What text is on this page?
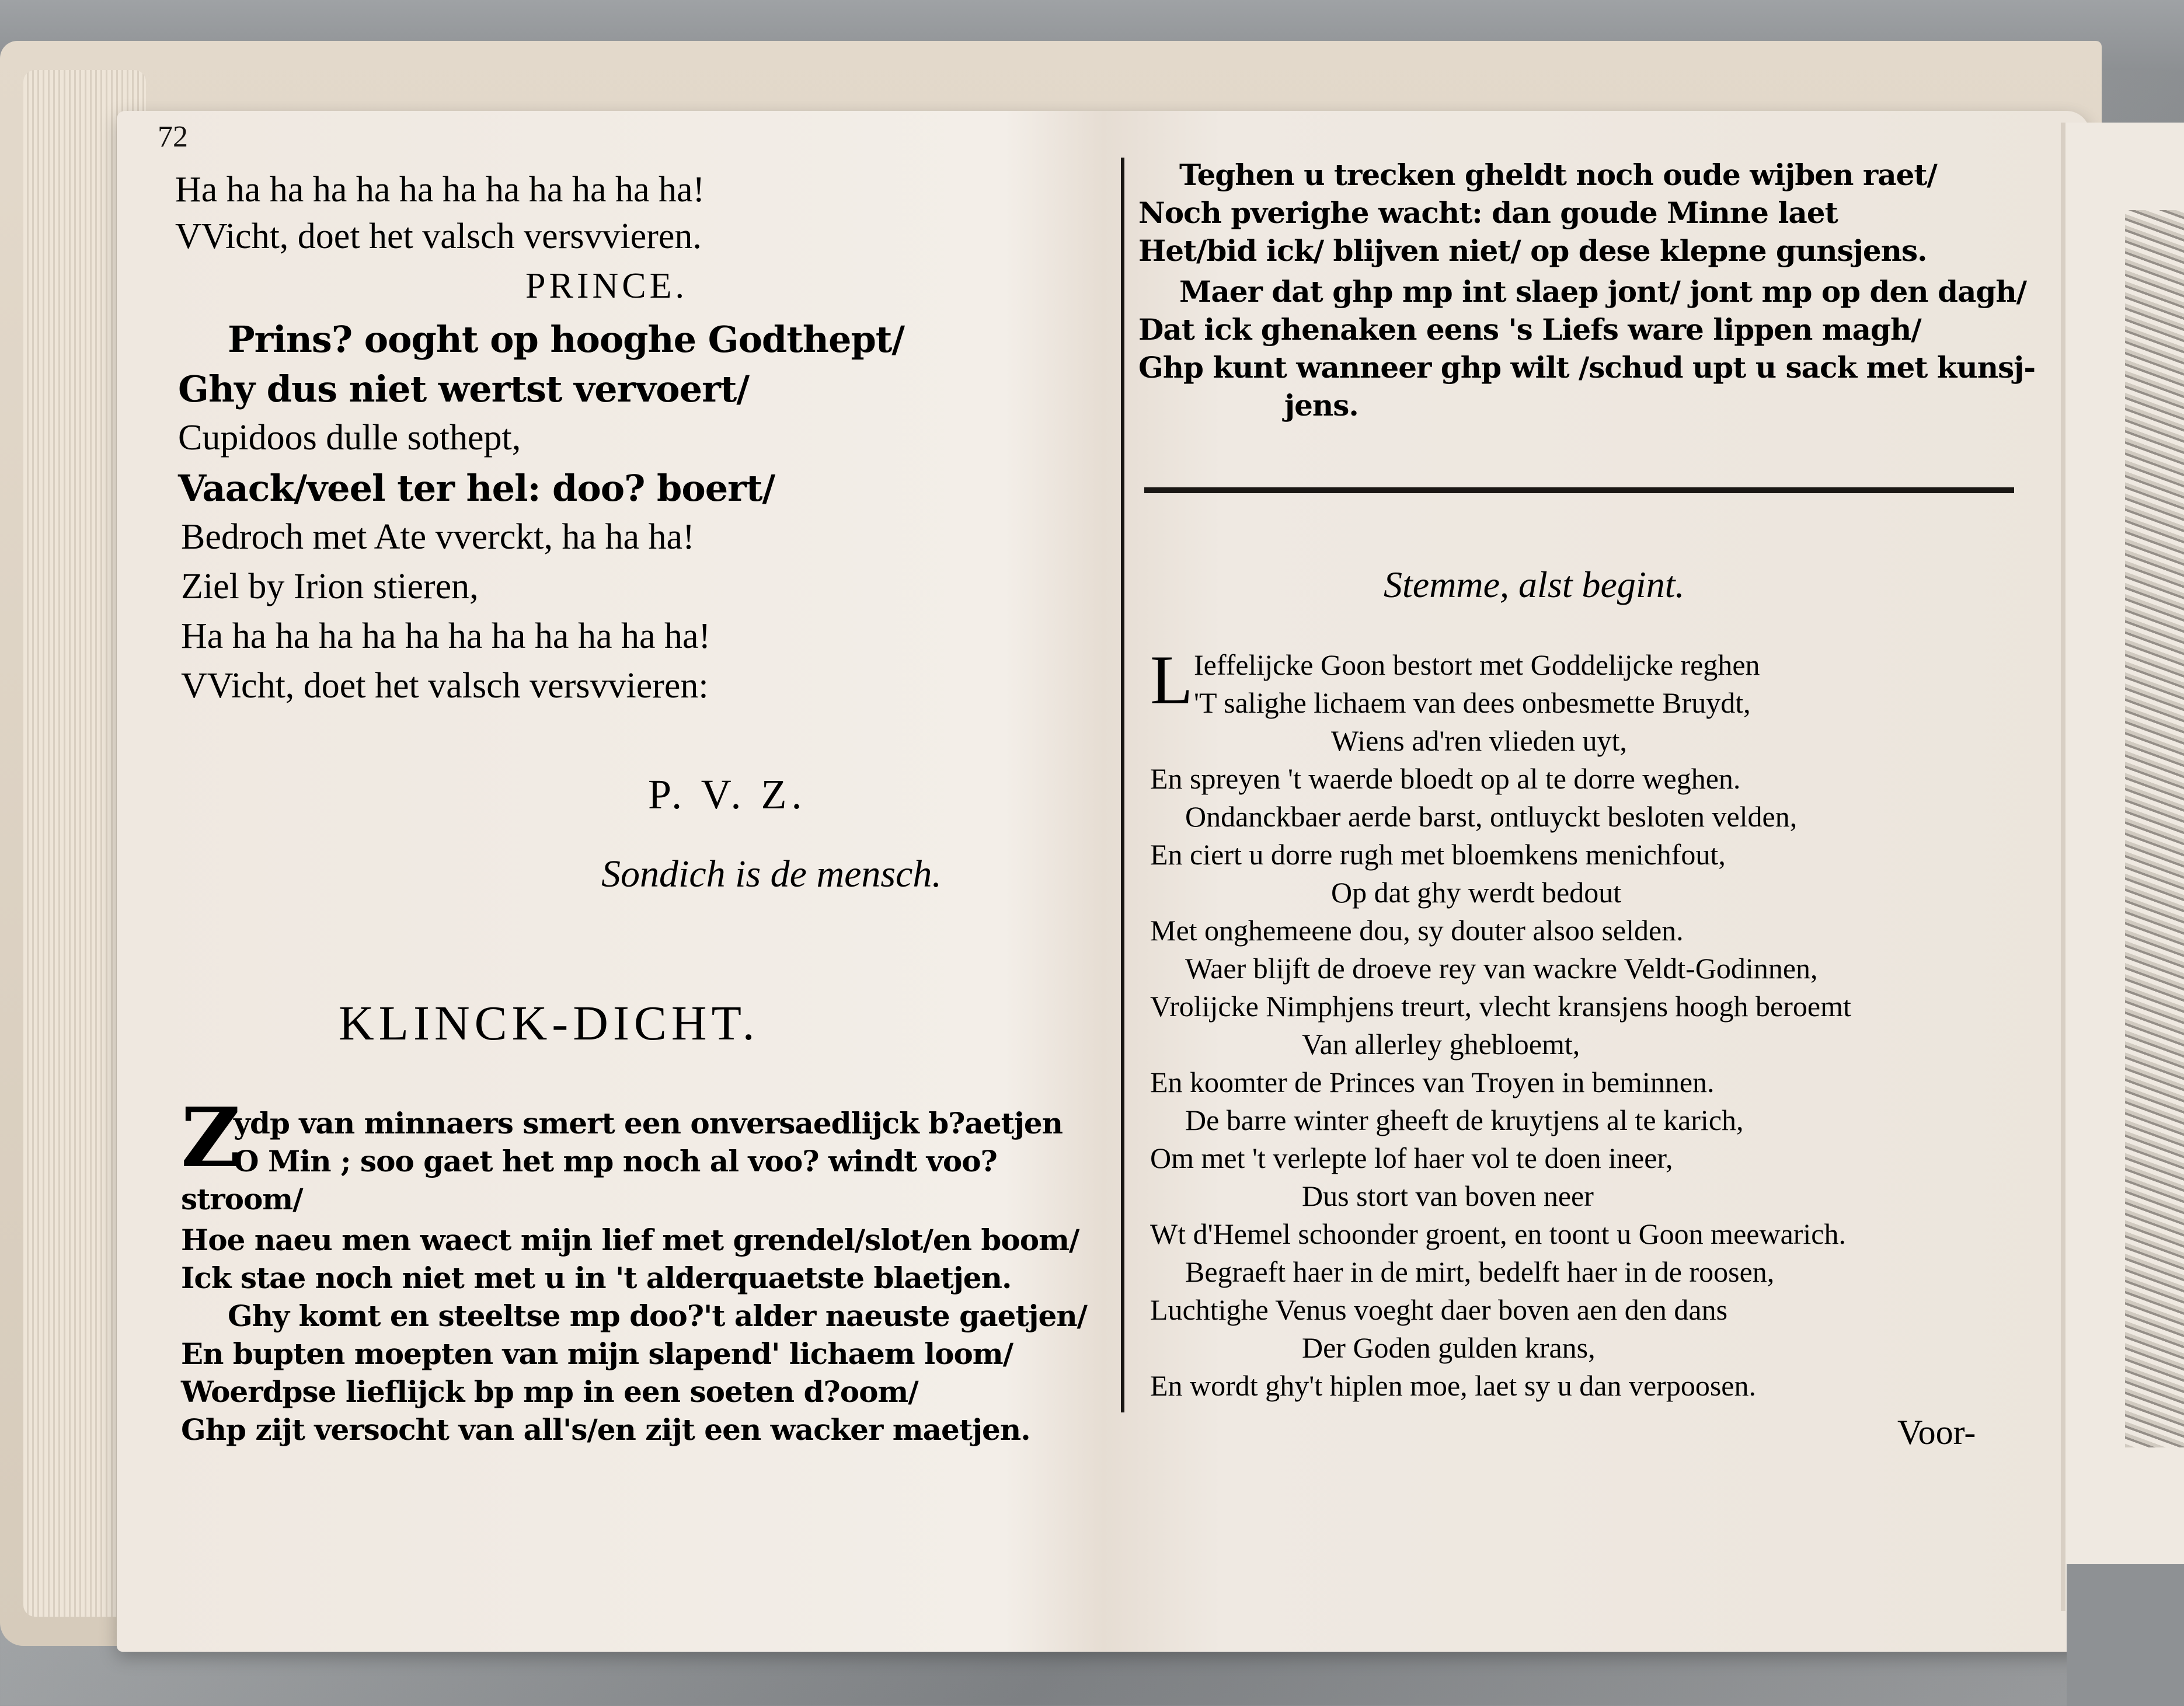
72
Ha ha ha ha ha ha ha ha ha ha ha ha!
VVicht, doet het valsch versvvieren.
PRINCE.
Prins? ooght op hooghe Godthept/
Ghy dus niet wertst vervoert/
Cupidoos dulle sothept,
Vaack/veel ter hel: doo? boert/
Bedroch met Ate vverckt, ha ha ha!
Ziel by Irion stieren,
Ha ha ha ha ha ha ha ha ha ha ha ha!
VVicht, doet het valsch versvvieren:
P. V. Z.
Sondich is de mensch.
KLINCK-DICHT.
Z
ydp van minnaers smert een onversaedlijck b?aetjen
O Min ; soo gaet het mp noch al voo? windt voo?
stroom/
Hoe naeu men waect mijn lief met grendel/slot/en boom/
Ick stae noch niet met u in 't alderquaetste blaetjen.
Ghy komt en steeltse mp doo?'t alder naeuste gaetjen/
En bupten moepten van mijn slapend' lichaem loom/
Woerdpse lieflijck bp mp in een soeten d?oom/
Ghp zijt versocht van all's/en zijt een wacker maetjen.
Teghen u trecken gheldt noch oude wijben raet/
Noch pverighe wacht: dan goude Minne laet
Het/bid ick/ blijven niet/ op dese klepne gunsjens.
Maer dat ghp mp int slaep jont/ jont mp op den dagh/
Dat ick ghenaken eens 's Liefs ware lippen magh/
Ghp kunt wanneer ghp wilt /schud upt u sack met kunsj-
jens.
Stemme, alst begint.
L Ieffelijcke Goon bestort met Goddelijcke reghen
'T salighe lichaem van dees onbesmette Bruydt,
Wiens ad'ren vlieden uyt,
En spreyen 't waerde bloedt op al te dorre weghen.
Ondanckbaer aerde barst, ontluyckt besloten velden,
En ciert u dorre rugh met bloemkens menichfout,
Op dat ghy werdt bedout
Met onghemeene dou, sy douter alsoo selden.
Waer blijft de droeve rey van wackre Veldt-Godinnen,
Vrolijcke Nimphjens treurt, vlecht kransjens hoogh beroemt
Van allerley ghebloemt,
En koomter de Princes van Troyen in beminnen.
De barre winter gheeft de kruytjens al te karich,
Om met 't verlepte lof haer vol te doen ineer,
Dus stort van boven neer
Wt d'Hemel schoonder groent, en toont u Goon meewarich.
Begraeft haer in de mirt, bedelft haer in de roosen,
Luchtighe Venus voeght daer boven aen den dans
Der Goden gulden krans,
En wordt ghy't hiplen moe, laet sy u dan verpoosen.
Voor-
